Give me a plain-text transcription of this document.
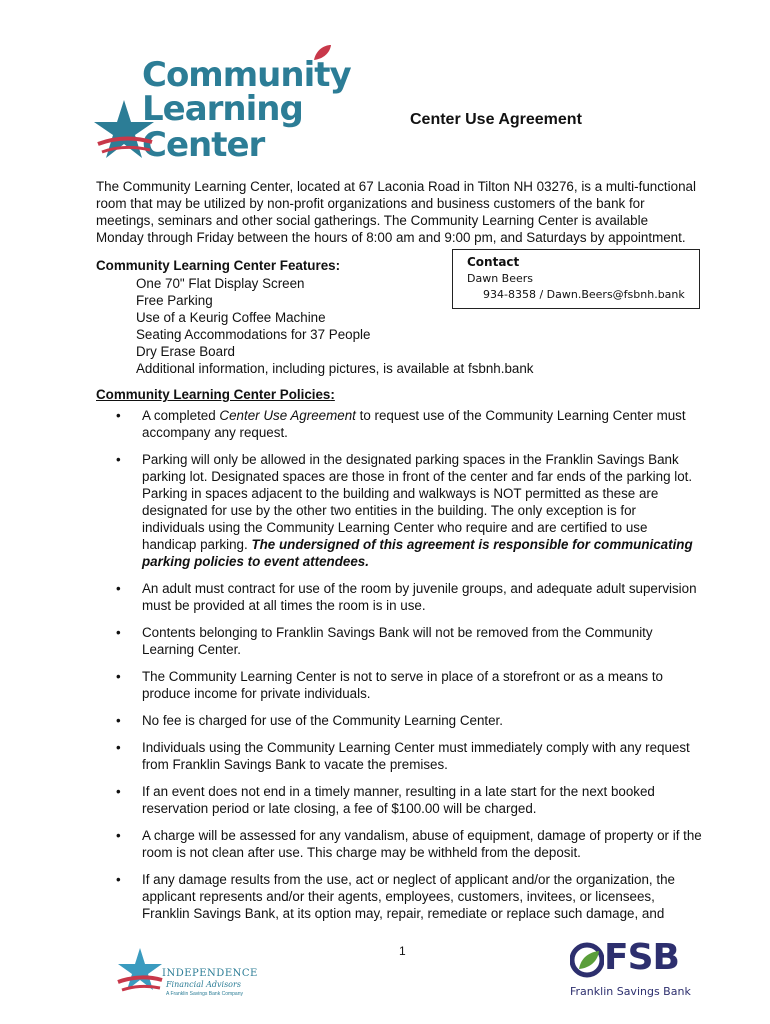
Community
Learning
Center
Center Use Agreement

The Community Learning Center, located at 67 Laconia Road in Tilton NH 03276, is a multi-functional room that may be utilized by non-profit organizations and business customers of the bank for meetings, seminars and other social gatherings. The Community Learning Center is available Monday through Friday between the hours of 8:00 am and 9:00 pm, and Saturdays by appointment.

Community Learning Center Features:
One 70" Flat Display Screen
Free Parking
Use of a Keurig Coffee Machine
Seating Accommodations for 37 People
Dry Erase Board
Additional information, including pictures, is available at fsbnh.bank
Contact
Dawn Beers
934-8358 / Dawn.Beers@fsbnh.bank
Community Learning Center Policies:
• A completed Center Use Agreement to request use of the Community Learning Center must accompany any request.
• Parking will only be allowed in the designated parking spaces in the Franklin Savings Bank parking lot. Designated spaces are those in front of the center and far ends of the parking lot. Parking in spaces adjacent to the building and walkways is NOT permitted as these are designated for use by the other two entities in the building. The only exception is for individuals using the Community Learning Center who require and are certified to use handicap parking. The undersigned of this agreement is responsible for communicating parking policies to event attendees.
• An adult must contract for use of the room by juvenile groups, and adequate adult supervision must be provided at all times the room is in use.
• Contents belonging to Franklin Savings Bank will not be removed from the Community Learning Center.
• The Community Learning Center is not to serve in place of a storefront or as a means to produce income for private individuals.
• No fee is charged for use of the Community Learning Center.
• Individuals using the Community Learning Center must immediately comply with any request from Franklin Savings Bank to vacate the premises.
• If an event does not end in a timely manner, resulting in a late start for the next booked reservation period or late closing, a fee of $100.00 will be charged.
• A charge will be assessed for any vandalism, abuse of equipment, damage of property or if the room is not clean after use. This charge may be withheld from the deposit.
• If any damage results from the use, act or neglect of applicant and/or the organization, the applicant represents and/or their agents, employees, customers, invitees, or licensees, Franklin Savings Bank, at its option may, repair, remediate or replace such damage, and
INDEPENDENCE
Financial Advisors
A Franklin Savings Bank Company
1	FSB
Franklin Savings Bank
